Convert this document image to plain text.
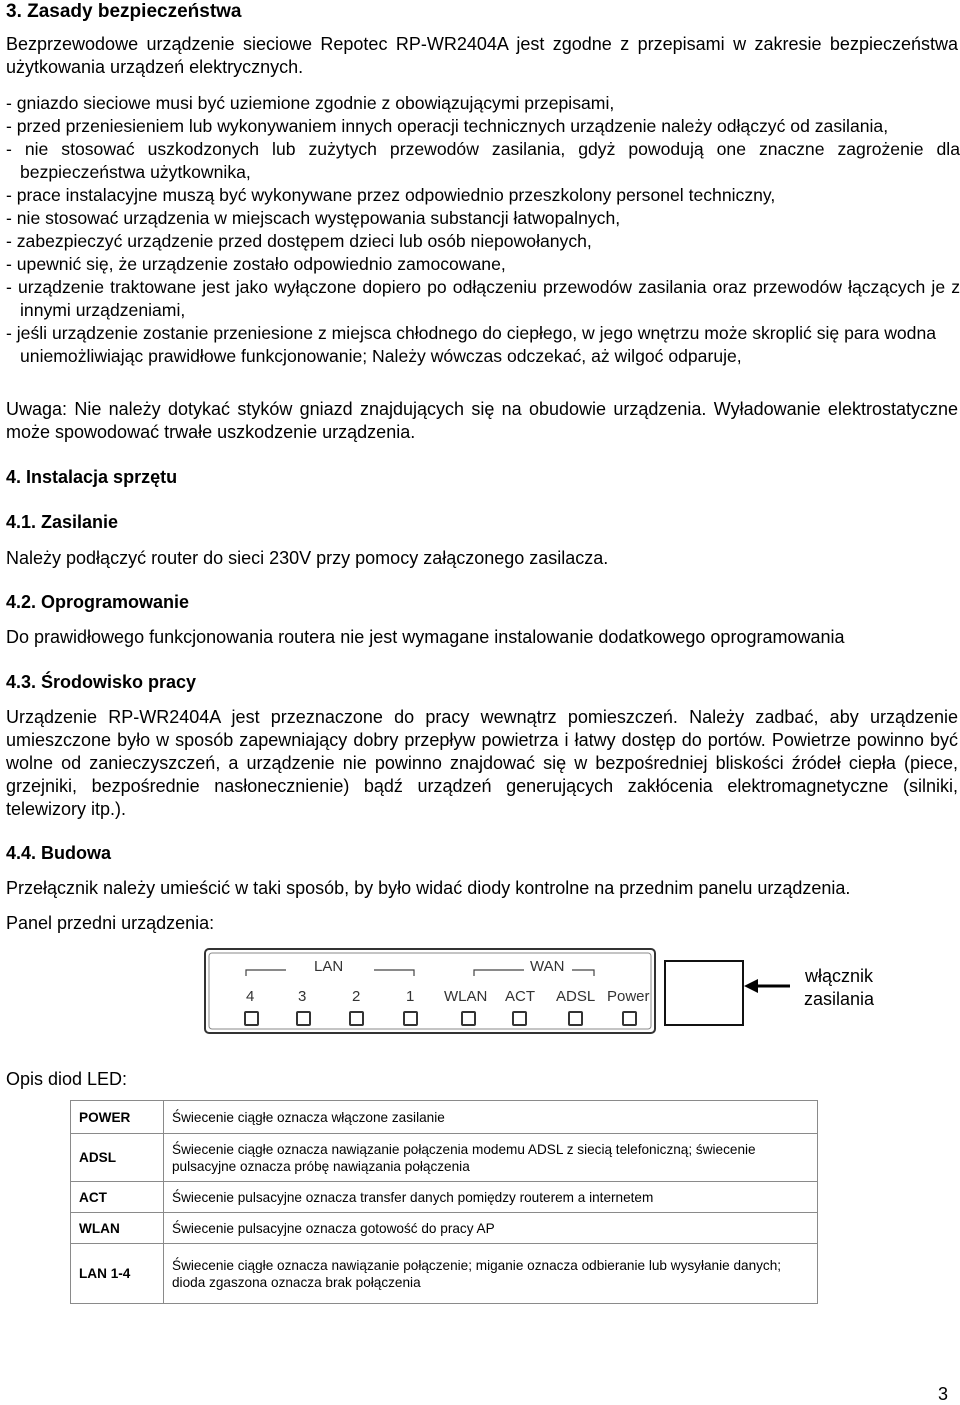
3. Zasady bezpieczeństwa
Bezprzewodowe urządzenie sieciowe Repotec RP-WR2404A jest zgodne z przepisami w zakresie bezpieczeństwa użytkowania urządzeń elektrycznych.
- gniazdo sieciowe musi być uziemione zgodnie z obowiązującymi przepisami,
- przed przeniesieniem lub wykonywaniem innych operacji technicznych urządzenie należy odłączyć od zasilania,
- nie stosować uszkodzonych lub zużytych przewodów zasilania, gdyż powodują one znaczne zagrożenie dla bezpieczeństwa użytkownika,
- prace instalacyjne muszą być wykonywane przez odpowiednio przeszkolony personel techniczny,
- nie stosować urządzenia w miejscach występowania substancji łatwopalnych,
- zabezpieczyć urządzenie przed dostępem dzieci lub osób niepowołanych,
- upewnić się, że urządzenie zostało odpowiednio zamocowane,
- urządzenie traktowane jest jako wyłączone dopiero po odłączeniu przewodów zasilania oraz przewodów łączących je z innymi urządzeniami,
- jeśli urządzenie zostanie przeniesione z miejsca chłodnego do ciepłego, w jego wnętrzu może skroplić się para wodna uniemożliwiając prawidłowe funkcjonowanie; Należy wówczas odczekać, aż wilgoć odparuje,
Uwaga: Nie należy dotykać styków gniazd znajdujących się na obudowie urządzenia. Wyładowanie elektrostatyczne może spowodować trwałe uszkodzenie urządzenia.
4. Instalacja sprzętu
4.1. Zasilanie
Należy podłączyć router do sieci 230V przy pomocy załączonego zasilacza.
4.2. Oprogramowanie
Do prawidłowego funkcjonowania routera nie jest wymagane instalowanie dodatkowego oprogramowania
4.3. Środowisko pracy
Urządzenie RP-WR2404A jest przeznaczone do pracy wewnątrz pomieszczeń. Należy zadbać, aby urządzenie umieszczone było w sposób zapewniający dobry przepływ powietrza i łatwy dostęp do portów. Powietrze powinno być wolne od zanieczyszczeń, a urządzenie nie powinno znajdować się w bezpośredniej bliskości źródeł ciepła (piece, grzejniki, bezpośrednie nasłonecznienie) bądź urządzeń generujących zakłócenia elektromagnetyczne (silniki, telewizory itp.).
4.4. Budowa
Przełącznik należy umieścić w taki sposób, by było widać diody kontrolne na przednim panelu urządzenia.
Panel przedni urządzenia:
LAN	WAN
4	3	2	1 WLAN ACT ADSL Power
włącznik
zasilania
Opis diod LED:
POWER	Świecenie ciągłe oznacza włączone zasilanie
ADSL	Świecenie ciągłe oznacza nawiązanie połączenia modemu ADSL z siecią telefoniczną; świecenie pulsacyjne oznacza próbę nawiązania połączenia
ACT	Świecenie pulsacyjne oznacza transfer danych pomiędzy routerem a internetem
WLAN	Świecenie pulsacyjne oznacza gotowość do pracy AP
LAN 1-4	Świecenie ciągłe oznacza nawiązanie połączenie; miganie oznacza odbieranie lub wysyłanie danych; dioda zgaszona oznacza brak połączenia
3
